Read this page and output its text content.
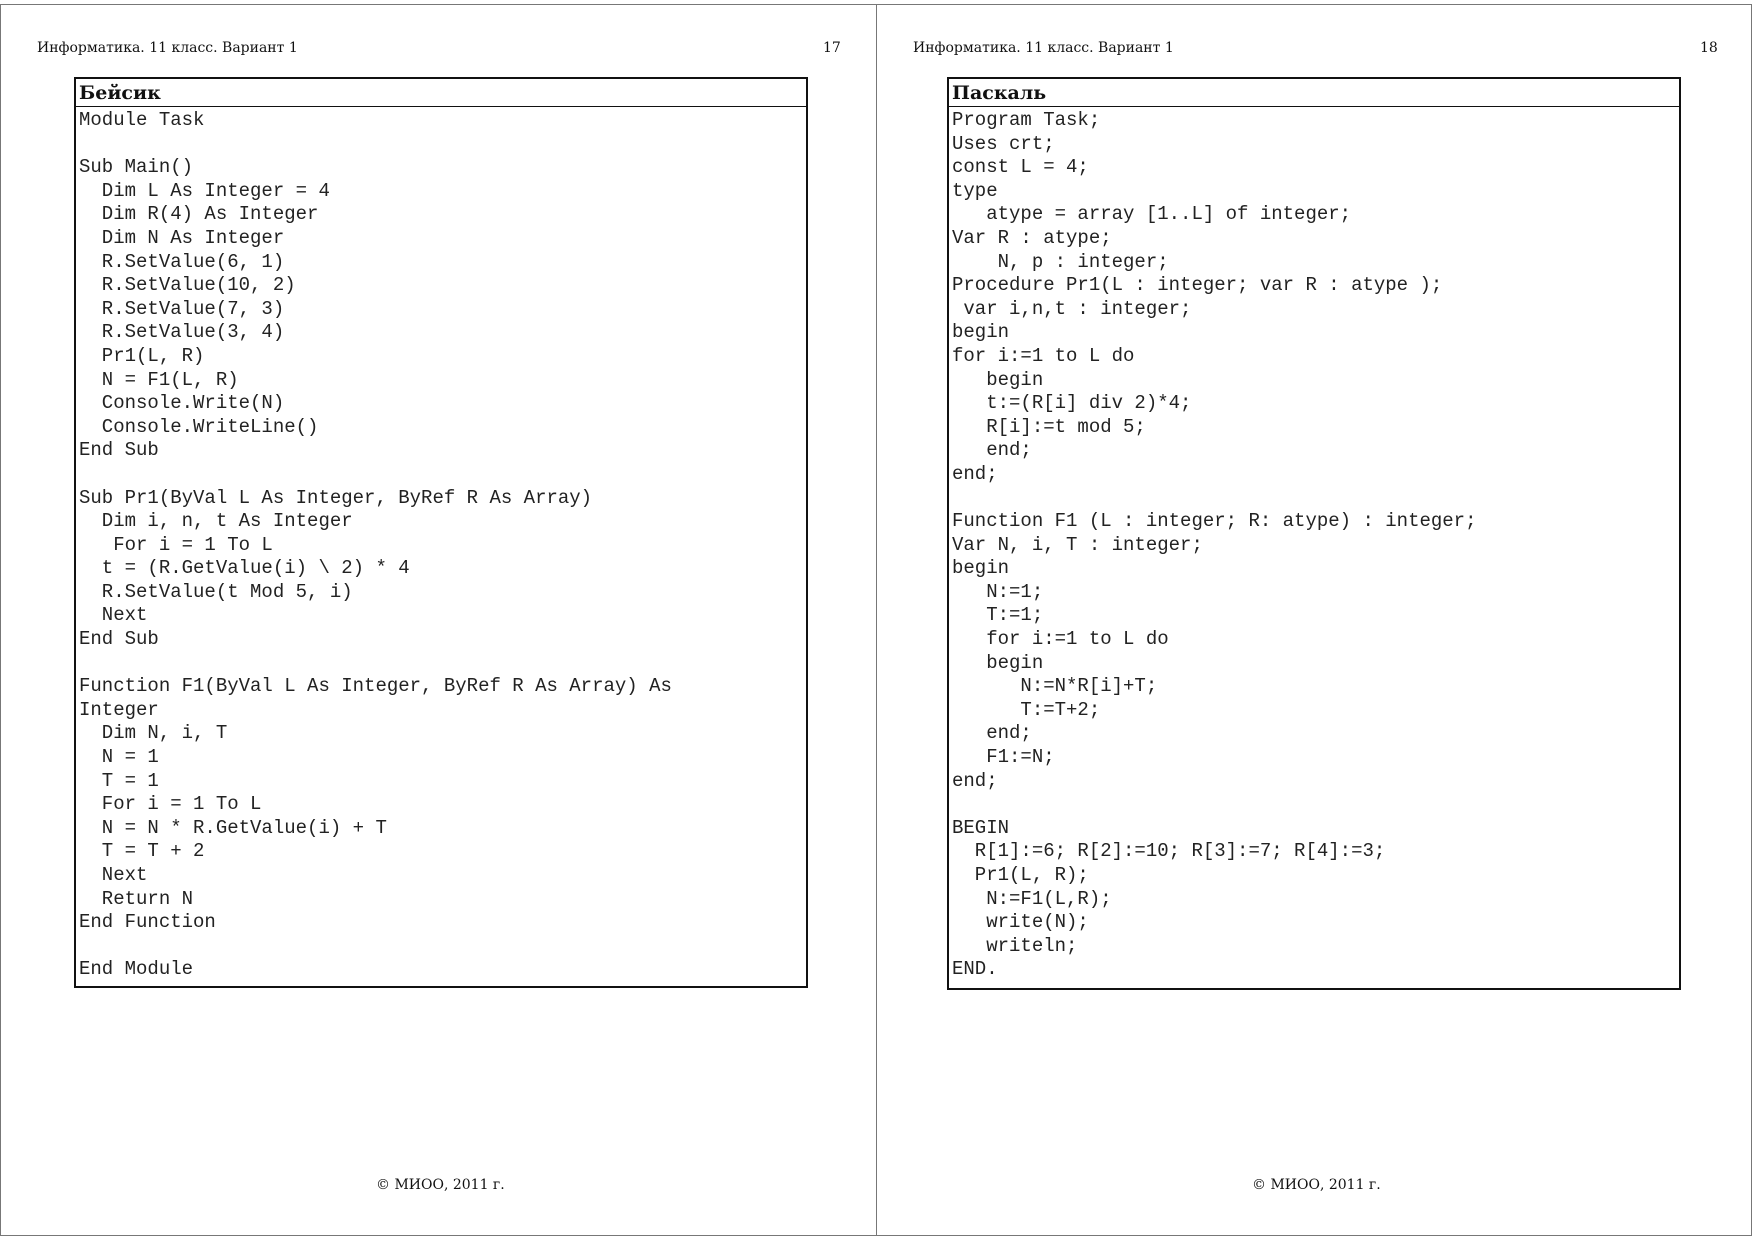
Информатика. 11 класс. Вариант 1	17
Бейсик
Module Task

Sub Main()
Dim L As Integer = 4
Dim R(4) As Integer
Dim N As Integer
R.SetValue(6, 1)
R.SetValue(10, 2)
R.SetValue(7, 3)
R.SetValue(3, 4)
Pr1(L, R)
N = F1(L, R)
Console.Write(N)
Console.WriteLine()
End Sub

Sub Pr1(ByVal L As Integer, ByRef R As Array)
Dim i, n, t As Integer
For i = 1 To L
t = (R.GetValue(i) \ 2) * 4
R.SetValue(t Mod 5, i)
Next
End Sub

Function F1(ByVal L As Integer, ByRef R As Array) As
Integer
Dim N, i, T
N = 1
T = 1
For i = 1 To L
N = N * R.GetValue(i) + T
T = T + 2
Next
Return N
End Function

End Module
© МИОО, 2011 г.
Информатика. 11 класс. Вариант 1	18
Паскаль
Program Task;
Uses crt;
const L = 4;
type
atype = array [1..L] of integer;
Var R : atype;
N, p : integer;
Procedure Pr1(L : integer; var R : atype );
var i,n,t : integer;
begin
for i:=1 to L do
begin
t:=(R[i] div 2)*4;
R[i]:=t mod 5;
end;
end;

Function F1 (L : integer; R: atype) : integer;
Var N, i, T : integer;
begin
N:=1;
T:=1;
for i:=1 to L do
begin
N:=N*R[i]+T;
T:=T+2;
end;
F1:=N;
end;

BEGIN
R[1]:=6; R[2]:=10; R[3]:=7; R[4]:=3;
Pr1(L, R);
N:=F1(L,R);
write(N);
writeln;
END.
© МИОО, 2011 г.
